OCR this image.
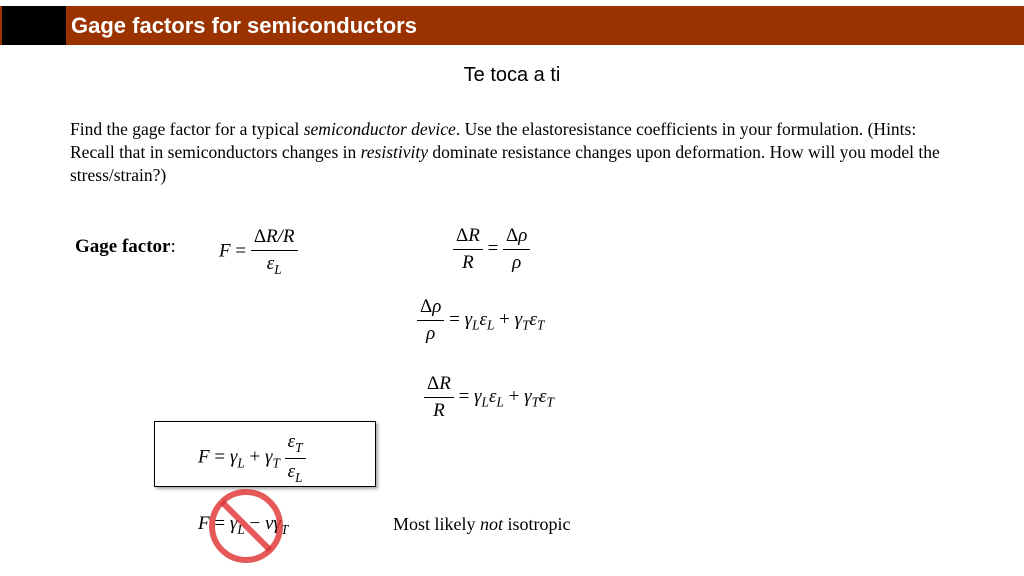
Gage factors for semiconductors
Te toca a ti
Find the gage factor for a typical semiconductor device. Use the elastoresistance coefficients in your formulation. (Hints: Recall that in semiconductors changes in resistivity dominate resistance changes upon deformation. How will you model the stress/strain?)
Gage factor: $F = \frac{\Delta R/R}{\varepsilon_L}$	$\frac{\Delta R}{R} = \frac{\Delta\rho}{\rho}$
$\frac{\Delta\rho}{\rho} = \gamma_L\varepsilon_L + \gamma_T\varepsilon_T$
$\frac{\Delta R}{R} = \gamma_L\varepsilon_L + \gamma_T\varepsilon_T$
$F = \gamma_L + \gamma_T \frac{\varepsilon_T}{\varepsilon_L}$
$F = \gamma_L - \nu\gamma_T$	Most likely not isotropic
